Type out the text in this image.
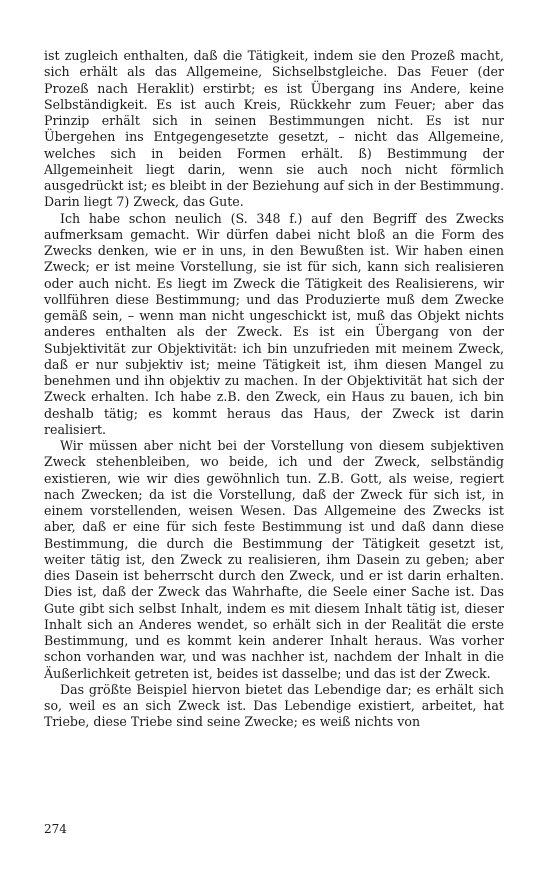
ist zugleich enthalten, daß die Tätigkeit, indem sie den Prozeß macht, sich erhält als das Allgemeine, Sichselbstgleiche. Das Feuer (der Prozeß nach Heraklit) erstirbt; es ist Übergang ins Andere, keine Selbständigkeit. Es ist auch Kreis, Rückkehr zum Feuer; aber das Prinzip erhält sich in seinen Bestimmungen nicht. Es ist nur Übergehen ins Entgegengesetzte gesetzt, – nicht das Allgemeine, welches sich in beiden Formen erhält. ß) Bestimmung der Allgemeinheit liegt darin, wenn sie auch noch nicht förmlich ausgedrückt ist; es bleibt in der Beziehung auf sich in der Bestimmung. Darin liegt 7) Zweck, das Gute.

Ich habe schon neulich (S. 348 f.) auf den Begriff des Zwecks aufmerksam gemacht. Wir dürfen dabei nicht bloß an die Form des Zwecks denken, wie er in uns, in den Bewußten ist. Wir haben einen Zweck; er ist meine Vorstellung, sie ist für sich, kann sich realisieren oder auch nicht. Es liegt im Zweck die Tätigkeit des Realisierens, wir vollführen diese Bestimmung; und das Produzierte muß dem Zwecke gemäß sein, – wenn man nicht ungeschickt ist, muß das Objekt nichts anderes enthalten als der Zweck. Es ist ein Übergang von der Subjektivität zur Objektivität: ich bin unzufrieden mit meinem Zweck, daß er nur subjektiv ist; meine Tätigkeit ist, ihm diesen Mangel zu benehmen und ihn objektiv zu machen. In der Objektivität hat sich der Zweck erhalten. Ich habe z.B. den Zweck, ein Haus zu bauen, ich bin deshalb tätig; es kommt heraus das Haus, der Zweck ist darin realisiert.

Wir müssen aber nicht bei der Vorstellung von diesem subjektiven Zweck stehenbleiben, wo beide, ich und der Zweck, selbständig existieren, wie wir dies gewöhnlich tun. Z.B. Gott, als weise, regiert nach Zwecken; da ist die Vorstellung, daß der Zweck für sich ist, in einem vorstellenden, weisen Wesen. Das Allgemeine des Zwecks ist aber, daß er eine für sich feste Bestimmung ist und daß dann diese Bestimmung, die durch die Bestimmung der Tätigkeit gesetzt ist, weiter tätig ist, den Zweck zu realisieren, ihm Dasein zu geben; aber dies Dasein ist beherrscht durch den Zweck, und er ist darin erhalten. Dies ist, daß der Zweck das Wahrhafte, die Seele einer Sache ist. Das Gute gibt sich selbst Inhalt, indem es mit diesem Inhalt tätig ist, dieser Inhalt sich an Anderes wendet, so erhält sich in der Realität die erste Bestimmung, und es kommt kein anderer Inhalt heraus. Was vorher schon vorhanden war, und was nachher ist, nachdem der Inhalt in die Äußerlichkeit getreten ist, beides ist dasselbe; und das ist der Zweck.

Das größte Beispiel hiervon bietet das Lebendige dar; es erhält sich so, weil es an sich Zweck ist. Das Lebendige existiert, arbeitet, hat Triebe, diese Triebe sind seine Zwecke; es weiß nichts von

274
